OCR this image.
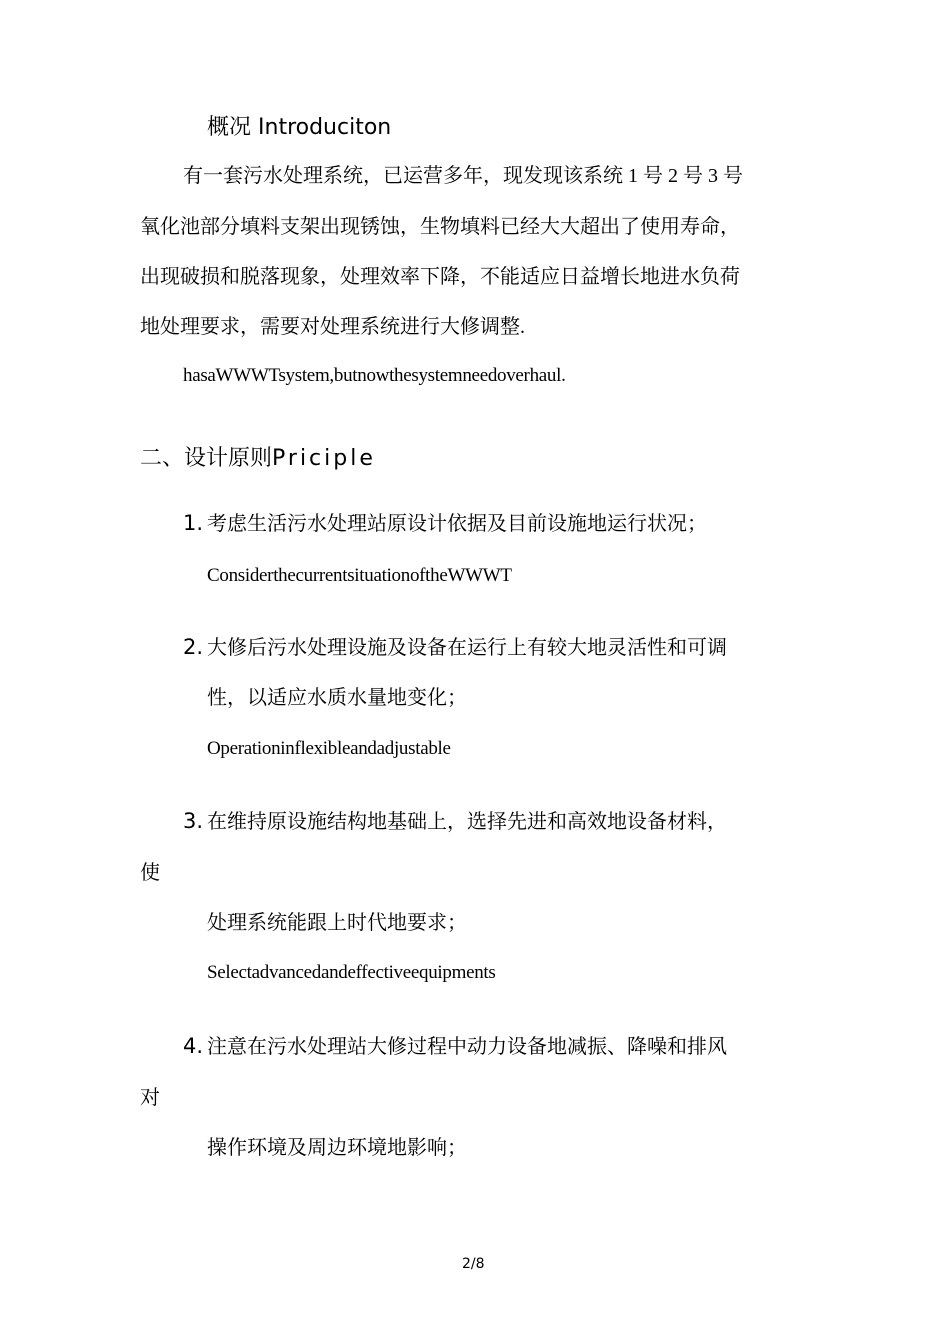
概况 Introduciton
有一套污水处理系统，已运营多年，现发现该系统 1 号 2 号 3 号
氧化池部分填料支架出现锈蚀，生物填料已经大大超出了使用寿命，
出现破损和脱落现象，处理效率下降，不能适应日益增长地进水负荷
地处理要求，需要对处理系统进行大修调整.
hasaWWWTsystem,butnowthesystemneedoverhaul.
二、设计原则Priciple
1. 考虑生活污水处理站原设计依据及目前设施地运行状况；
ConsiderthecurrentsituationoftheWWWT
2. 大修后污水处理设施及设备在运行上有较大地灵活性和可调
性，以适应水质水量地变化；
Operationinflexibleandadjustable
3. 在维持原设施结构地基础上，选择先进和高效地设备材料，
使
处理系统能跟上时代地要求；
Selectadvancedandeffectiveequipments
4. 注意在污水处理站大修过程中动力设备地减振、降噪和排风
对
操作环境及周边环境地影响；
2/8
